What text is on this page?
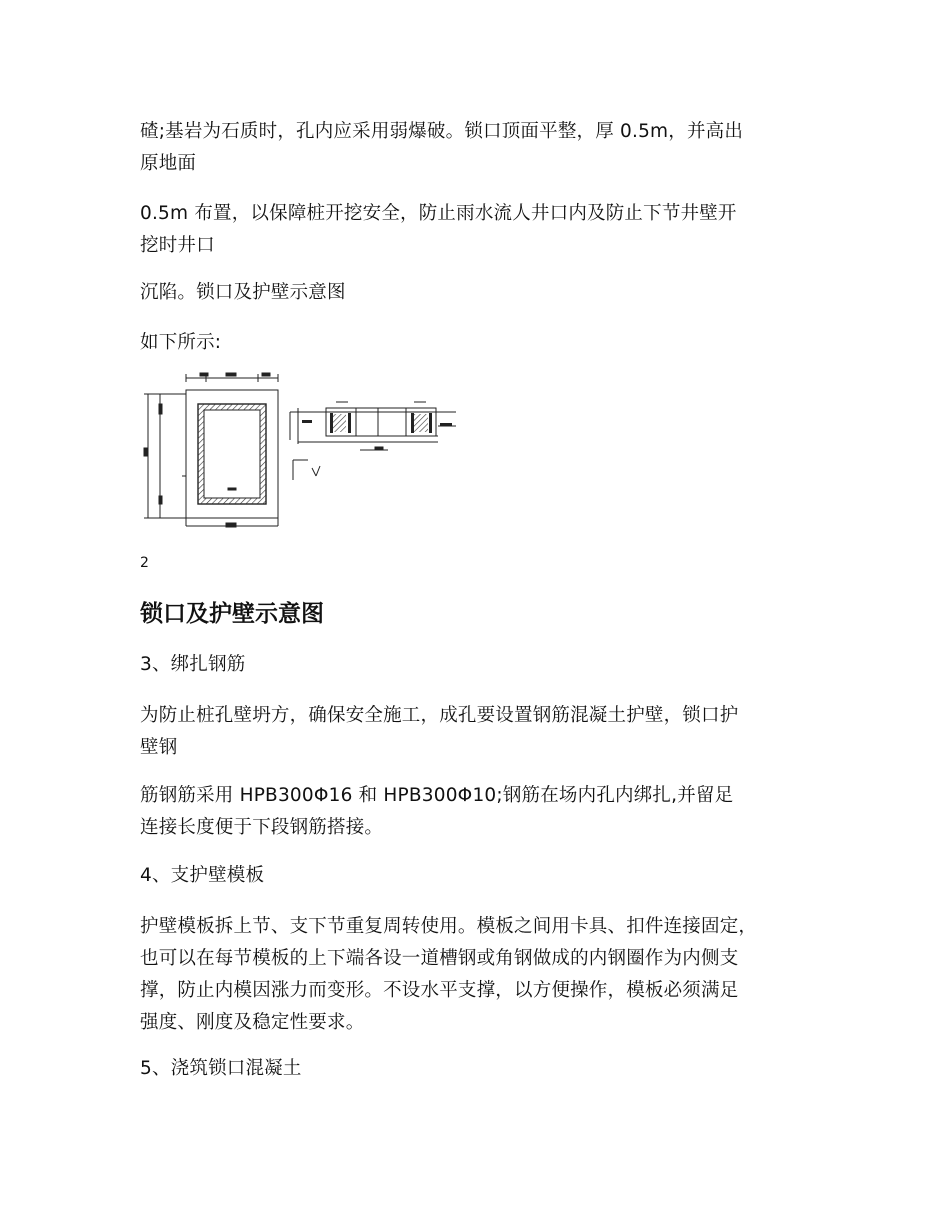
碴;基岩为石质时，孔内应采用弱爆破。锁口顶面平整，厚 0.5m，并高出
原地面

0.5m 布置，以保障桩开挖安全，防止雨水流人井口内及防止下节井壁开
挖时井口

沉陷。锁口及护壁示意图

如下所示:

2
锁口及护壁示意图
3、绑扎钢筋

为防止桩孔壁坍方，确保安全施工，成孔要设置钢筋混凝土护壁，锁口护
壁钢

筋钢筋采用 HPB300Φ16 和 HPB300Φ10;钢筋在场内孔内绑扎,并留足
连接长度便于下段钢筋搭接。

4、支护壁模板

护壁模板拆上节、支下节重复周转使用。模板之间用卡具、扣件连接固定，
也可以在每节模板的上下端各设一道槽钢或角钢做成的内钢圈作为内侧支
撑，防止内模因涨力而变形。不设水平支撑，以方便操作，模板必须满足
强度、刚度及稳定性要求。

5、浇筑锁口混凝土
